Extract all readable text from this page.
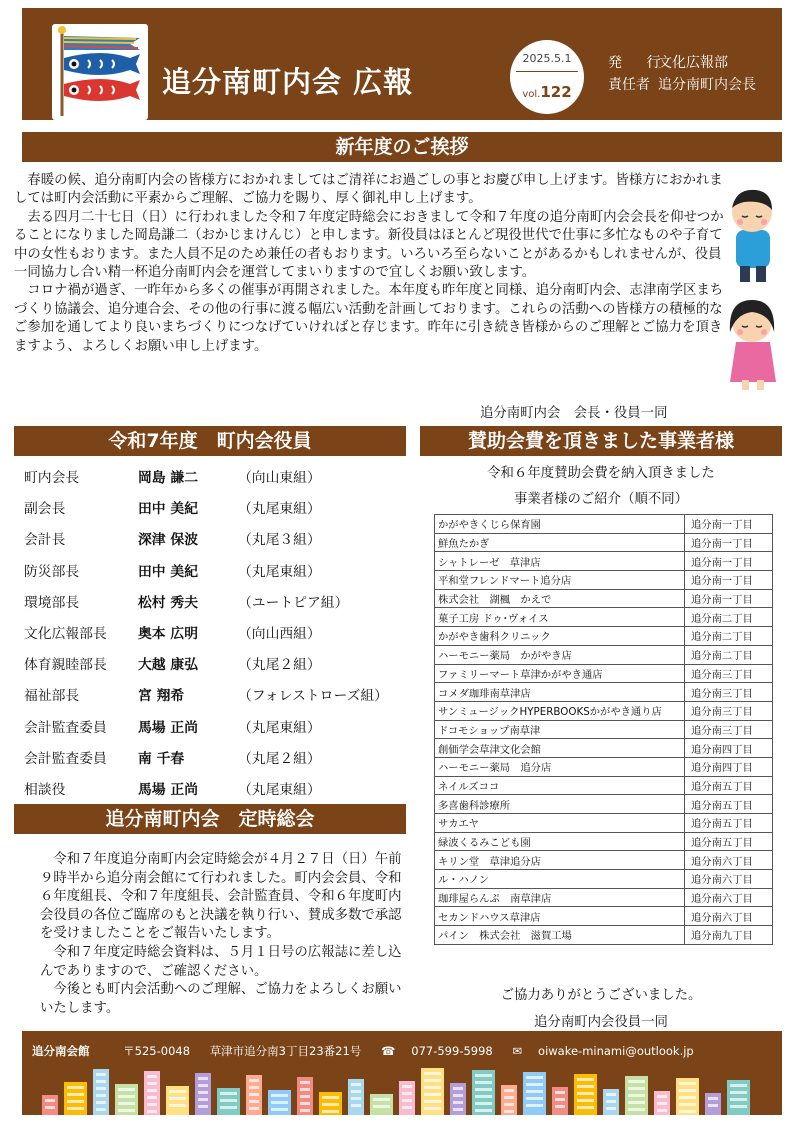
追分南町内会 広報
2025.5.1
vol.122
発 行文化広報部
責任者 追分南町内会長
新年度のご挨拶

春暖の候、追分南町内会の皆様方におかれましてはご清祥にお過ごしの事とお慶び申し上げます。皆様方におかれましては町内会活動に平素からご理解、ご協力を賜り、厚く御礼申し上げます。

去る四月二十七日（日）に行われました令和７年度定時総会におきまして令和７年度の追分南町内会会長を仰せつかることになりました岡島謙二（おかじまけんじ）と申します。新役員はほとんど現役世代で仕事に多忙なものや子育て中の女性もおります。また人員不足のため兼任の者もおります。いろいろ至らないことがあるかもしれませんが、役員一同協力し合い精一杯追分南町内会を運営してまいりますので宜しくお願い致します。

コロナ禍が過ぎ、一昨年から多くの催事が再開されました。本年度も昨年度と同様、追分南町内会、志津南学区まちづくり協議会、追分連合会、その他の行事に渡る幅広い活動を計画しております。これらの活動への皆様方の積極的なご参加を通してより良いまちづくりにつなげていければと存じます。昨年に引き続き皆様からのご理解とご協力を頂きますよう、よろしくお願い申し上げます。

追分南町内会　会長・役員一同
令和7年度　町内会役員
町内会長	岡島 謙二	（向山東組）
副会長	田中 美紀	（丸尾東組）
会計長	深津 保波	（丸尾３組）
防災部長	田中 美紀	（丸尾東組）
環境部長	松村 秀夫	（ユートピア組）
文化広報部長 奥本 広明	（向山西組）
体育親睦部長 大越 康弘	（丸尾２組）
福祉部長	宮 翔希	（フォレストローズ組）
会計監査委員 馬場 正尚	（丸尾東組）
会計監査委員 南 千春	（丸尾２組）
相談役	馬場 正尚	（丸尾東組）
追分南町内会　定時総会

令和７年度追分南町内会定時総会が４月２７日（日）午前９時半から追分南会館にて行われました。町内会会員、令和６年度組長、令和７年度組長、会計監査員、令和６年度町内会役員の各位ご臨席のもと決議を執り行い、賛成多数で承認を受けましたことをご報告いたします。

令和７年度定時総会資料は、５月１日号の広報誌に差し込んでありますので、ご確認ください。

今後とも町内会活動へのご理解、ご協力をよろしくお願いいたします。

賛助会費を頂きました事業者様
令和６年度賛助会費を納入頂きました
事業者様のご紹介（順不同）
かがやきくじら保育園	追分南一丁目
鮮魚たかぎ	追分南一丁目
シャトレーゼ　草津店	追分南一丁目
平和堂フレンドマート追分店	追分南一丁目
株式会社　湖楓　かえで	追分南一丁目
菓子工房 ドゥ･ヴォイス	追分南二丁目
かがやき歯科クリニック	追分南二丁目
ハーモニー薬局　かがやき店	追分南二丁目
ファミリーマート草津かがやき通店	追分南三丁目
コメダ珈琲南草津店	追分南三丁目
サンミュージックHYPERBOOKSかがやき通り店	追分南三丁目
ドコモショップ南草津	追分南三丁目
創価学会草津文化会館	追分南四丁目
ハーモニー薬局　追分店	追分南四丁目
ネイルズココ	追分南五丁目
多喜歯科診療所	追分南五丁目
サカエヤ	追分南五丁目
緑波くるみこども園	追分南五丁目
キリン堂　草津追分店	追分南六丁目
ル・ハノン	追分南六丁目
珈琲屋らんぷ　南草津店	追分南六丁目
セカンドハウス草津店	追分南六丁目
パイン　株式会社　滋賀工場	追分南九丁目
ご協力ありがとうございました。
追分南町内会役員一同
追分南会館	〒525-0048 草津市追分南3丁目23番21号 ☎ 077-599-5998 ✉ oiwake-minami@outlook.jp
